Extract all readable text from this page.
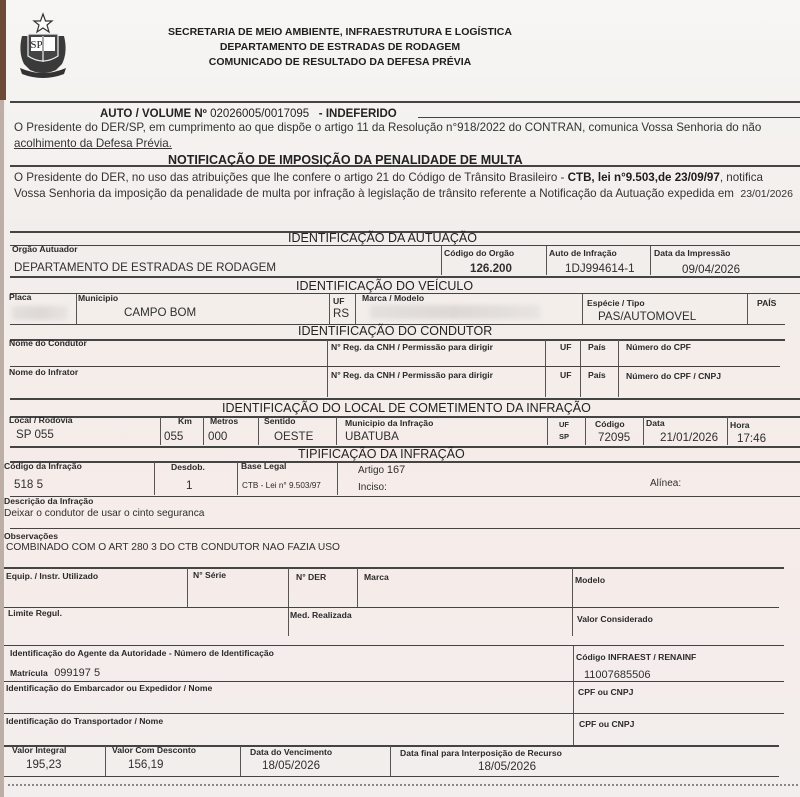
SP
SECRETARIA DE MEIO AMBIENTE, INFRAESTRUTURA E LOGÍSTICA
DEPARTAMENTO DE ESTRADAS DE RODAGEM
COMUNICADO DE RESULTADO DA DEFESA PRÉVIA
AUTO / VOLUME Nº 02026005/0017095 - INDEFERIDO
O Presidente do DER/SP, em cumprimento ao que dispõe o artigo 11 da Resolução n°918/2022 do CONTRAN, comunica Vossa Senhoria do não
acolhimento da Defesa Prévia.
NOTIFICAÇÃO DE IMPOSIÇÃO DA PENALIDADE DE MULTA
O Presidente do DER, no uso das atribuições que lhe confere o artigo 21 do Código de Trânsito Brasileiro - CTB, lei n°9.503,de 23/09/97, notifica Vossa Senhoria da imposição da penalidade de multa por infração à legislação de trânsito referente a Notificação da Autuação expedida em 23/01/2026
IDENTIFICAÇÃO DA AUTUAÇÃO
Orgão Autuador
DEPARTAMENTO DE ESTRADAS DE RODAGEM
Código do Orgão
126.200
Auto de Infração
1DJ994614-1
Data da Impressão
09/04/2026
IDENTIFICAÇÃO DO VEÍCULO
Placa	Municipio
CAMPO BOM
UF
RS
Marca / Modelo	Espécie / Tipo
PAS/AUTOMOVEL
PAÍS
IDENTIFICAÇÃO DO CONDUTOR
Nome do Condutor	N° Reg. da CNH / Permissão para dirigir	UF País Número do CPF
Nome do Infrator	N° Reg. da CNH / Permissão para dirigir	UF País Número do CPF / CNPJ
IDENTIFICAÇÃO DO LOCAL DE COMETIMENTO DA INFRAÇÃO
Local / Rodovia
SP 055
Km
055
Metros
000
Sentido
OESTE
Municipio da Infração
UBATUBA
UF
SP
Código
72095
Data
21/01/2026
Hora
17:46
TIPIFICAÇÃO DA INFRAÇÃO
Código da Infração
518 5
Desdob.
1
Base Legal
CTB - Lei n° 9.503/97
Artigo 167
Inciso:	Alínea:
Descrição da Infração
Deixar o condutor de usar o cinto seguranca
Observações
COMBINADO COM O ART 280 3 DO CTB CONDUTOR NAO FAZIA USO
Equip. / Instr. Utilizado	N° Série	N° DER	Marca	Modelo
Limite Regul.	Med. Realizada	Valor Considerado
Identificação do Agente da Autoridade - Número de Identificação
Matrícula 099197 5
Código INFRAEST / RENAINF
11007685506
Identificação do Embarcador ou Expedidor / Nome	CPF ou CNPJ
Identificação do Transportador / Nome	CPF ou CNPJ
Valor Integral
195,23
Valor Com Desconto
156,19
Data do Vencimento
18/05/2026
Data final para Interposição de Recurso
18/05/2026
